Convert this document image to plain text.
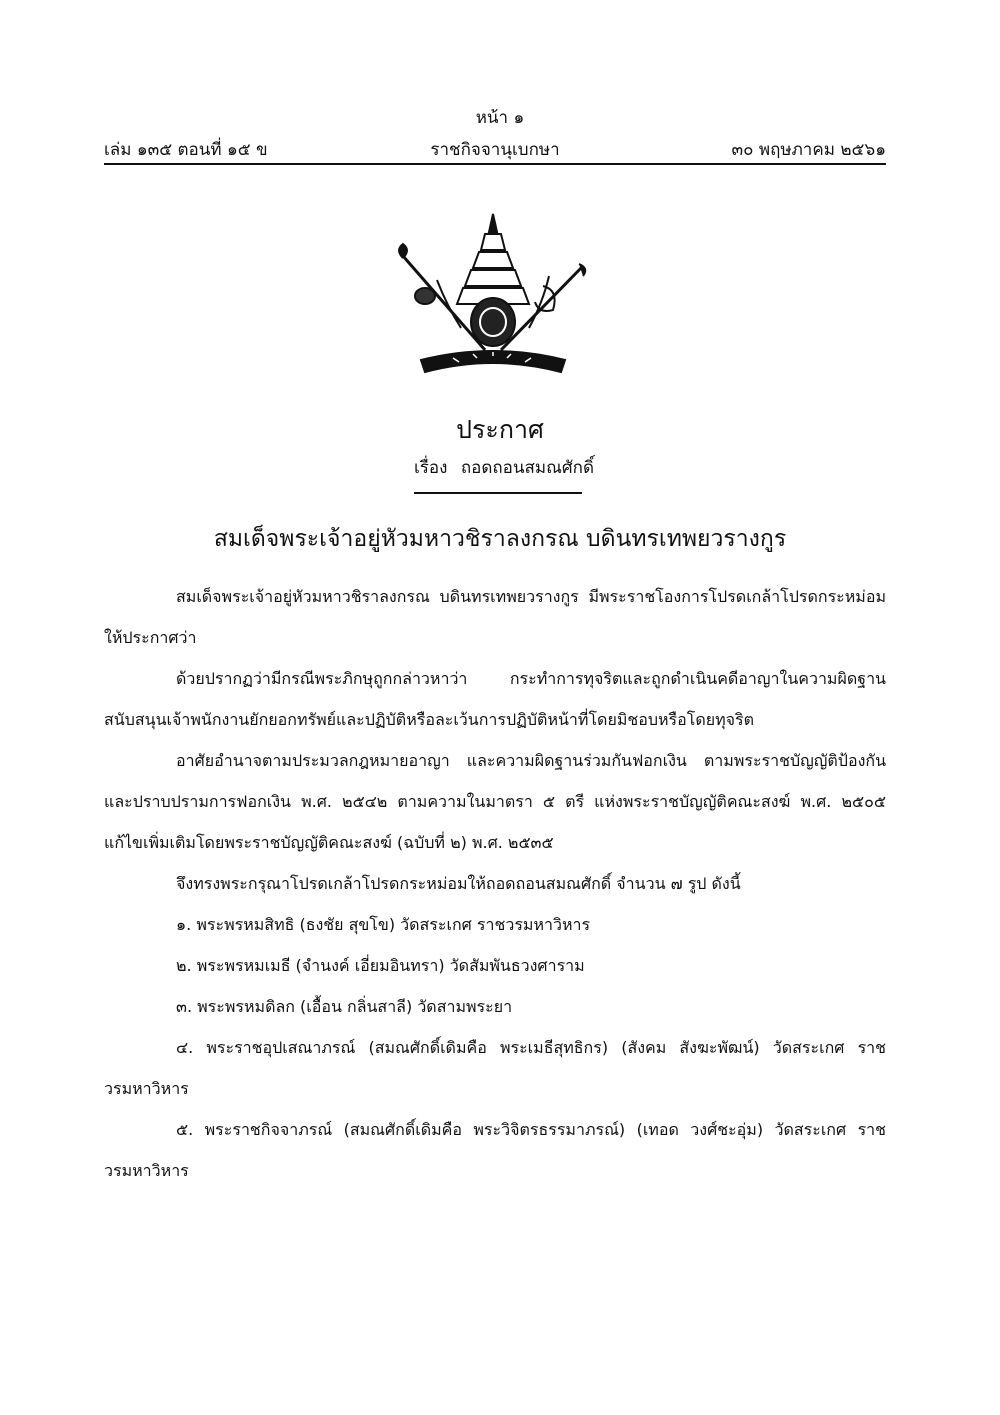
หน้า ๑
เล่ม ๑๓๕ ตอนที่ ๑๕ ข	ราชกิจจานุเบกษา	๓๐ พฤษภาคม ๒๕๖๑
ประกาศ
เรื่อง ถอดถอนสมณศักดิ์
สมเด็จพระเจ้าอยู่หัวมหาวชิราลงกรณ บดินทรเทพยวรางกูร

สมเด็จพระเจ้าอยู่หัวมหาวชิราลงกรณ บดินทรเทพยวรางกูร มีพระราชโองการโปรดเกล้าโปรดกระหม่อมให้ประกาศว่า

ด้วยปรากฏว่ามีกรณีพระภิกษุถูกกล่าวหาว่า กระทำการทุจริตและถูกดำเนินคดีอาญาในความผิดฐานสนับสนุนเจ้าพนักงานยักยอกทรัพย์และปฏิบัติหรือละเว้นการปฏิบัติหน้าที่โดยมิชอบหรือโดยทุจริต

อาศัยอำนาจตามประมวลกฎหมายอาญา และความผิดฐานร่วมกันฟอกเงิน ตามพระราชบัญญัติป้องกันและปราบปรามการฟอกเงิน พ.ศ. ๒๕๔๒ ตามความในมาตรา ๕ ตรี แห่งพระราชบัญญัติคณะสงฆ์ พ.ศ. ๒๕๐๕ แก้ไขเพิ่มเติมโดยพระราชบัญญัติคณะสงฆ์ (ฉบับที่ ๒) พ.ศ. ๒๕๓๕

จึงทรงพระกรุณาโปรดเกล้าโปรดกระหม่อมให้ถอดถอนสมณศักดิ์ จำนวน ๗ รูป ดังนี้

๑. พระพรหมสิทธิ (ธงชัย สุขโข) วัดสระเกศ ราชวรมหาวิหาร

๒. พระพรหมเมธี (จำนงค์ เอี่ยมอินทรา) วัดสัมพันธวงศาราม

๓. พระพรหมดิลก (เอื้อน กลิ่นสาลี) วัดสามพระยา

๔. พระราชอุปเสณาภรณ์ (สมณศักดิ์เดิมคือ พระเมธีสุทธิกร) (สังคม สังฆะพัฒน์) วัดสระเกศ ราชวรมหาวิหาร

๕. พระราชกิจจาภรณ์ (สมณศักดิ์เดิมคือ พระวิจิตรธรรมาภรณ์) (เทอด วงศ์ชะอุ่ม) วัดสระเกศ ราชวรมหาวิหาร
